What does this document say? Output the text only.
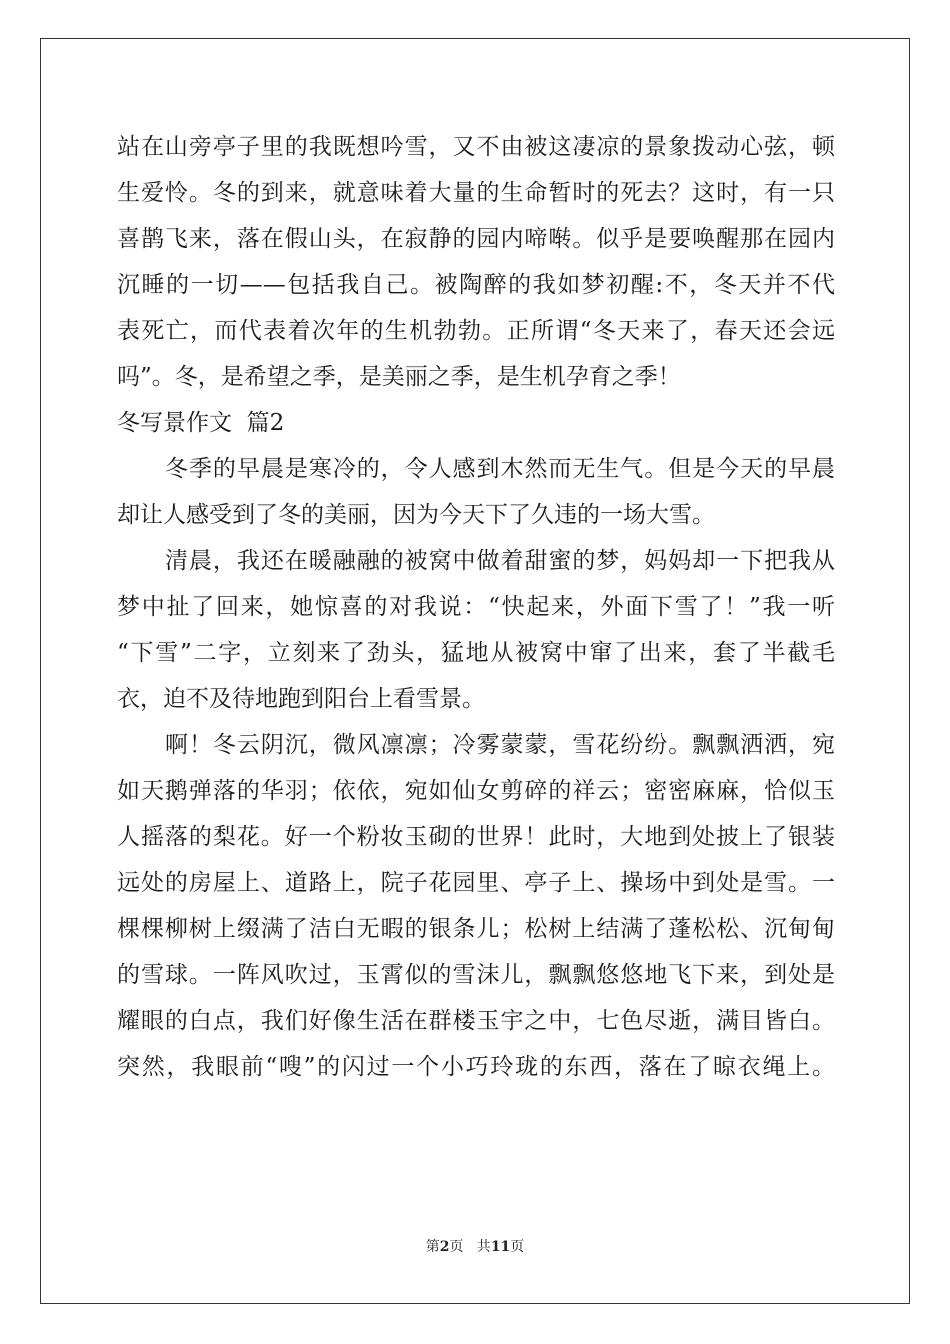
站在山旁亭子里的我既想吟雪，又不由被这凄凉的景象拨动心弦，顿
生爱怜。冬的到来，就意味着大量的生命暂时的死去？这时，有一只
喜鹊飞来，落在假山头，在寂静的园内啼啭。似乎是要唤醒那在园内
沉睡的一切——包括我自己。被陶醉的我如梦初醒:不，冬天并不代
表死亡，而代表着次年的生机勃勃。正所谓“冬天来了，春天还会远
吗”。冬，是希望之季，是美丽之季，是生机孕育之季！
冬写景作文  篇2
冬季的早晨是寒冷的，令人感到木然而无生气。但是今天的早晨
却让人感受到了冬的美丽，因为今天下了久违的一场大雪。
清晨，我还在暖融融的被窝中做着甜蜜的梦，妈妈却一下把我从
梦中扯了回来，她惊喜的对我说：“快起来，外面下雪了！”我一听
“下雪”二字，立刻来了劲头，猛地从被窝中窜了出来，套了半截毛
衣，迫不及待地跑到阳台上看雪景。
啊！冬云阴沉，微风凛凛；冷雾蒙蒙，雪花纷纷。飘飘洒洒，宛
如天鹅弹落的华羽；依依，宛如仙女剪碎的祥云；密密麻麻，恰似玉
人摇落的梨花。好一个粉妆玉砌的世界！此时，大地到处披上了银装
远处的房屋上、道路上，院子花园里、亭子上、操场中到处是雪。一
棵棵柳树上缀满了洁白无暇的银条儿；松树上结满了蓬松松、沉甸甸
的雪球。一阵风吹过，玉霄似的雪沫儿，飘飘悠悠地飞下来，到处是
耀眼的白点，我们好像生活在群楼玉宇之中，七色尽逝，满目皆白。
突然，我眼前“嗖”的闪过一个小巧玲珑的东西，落在了晾衣绳上。
第2页   共11页
